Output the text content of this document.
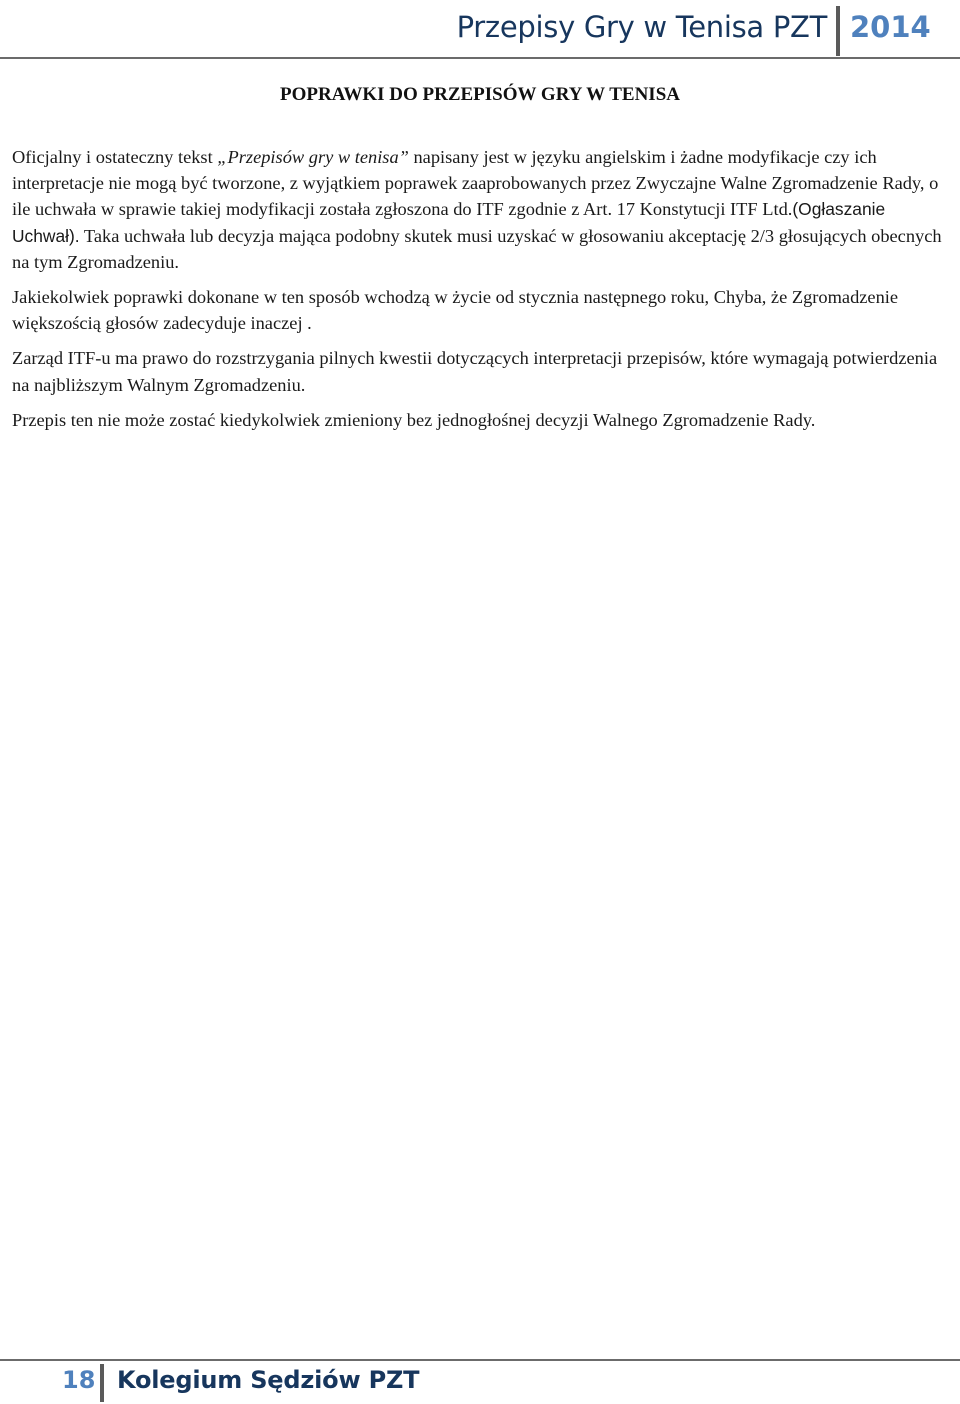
Przepisy Gry w Tenisa PZT 2014
POPRAWKI DO PRZEPISÓW GRY W TENISA

Oficjalny i ostateczny tekst „Przepisów gry w tenisa” napisany jest w języku angielskim i żadne modyfikacje czy ich interpretacje nie mogą być tworzone, z wyjątkiem poprawek zaaprobowanych przez Zwyczajne Walne Zgromadzenie Rady, o ile uchwała w sprawie takiej modyfikacji została zgłoszona do ITF zgodnie z Art. 17 Konstytucji ITF Ltd.(Ogłaszanie Uchwał). Taka uchwała lub decyzja mająca podobny skutek musi uzyskać w głosowaniu akceptację 2/3 głosujących obecnych na tym Zgromadzeniu.

Jakiekolwiek poprawki dokonane w ten sposób wchodzą w życie od stycznia następnego roku, Chyba, że Zgromadzenie większością głosów zadecyduje inaczej .

Zarząd ITF-u ma prawo do rozstrzygania pilnych kwestii dotyczących interpretacji przepisów, które wymagają potwierdzenia na najbliższym Walnym Zgromadzeniu.

Przepis ten nie może zostać kiedykolwiek zmieniony bez jednogłośnej decyzji Walnego Zgromadzenie Rady.

18 Kolegium Sędziów PZT
